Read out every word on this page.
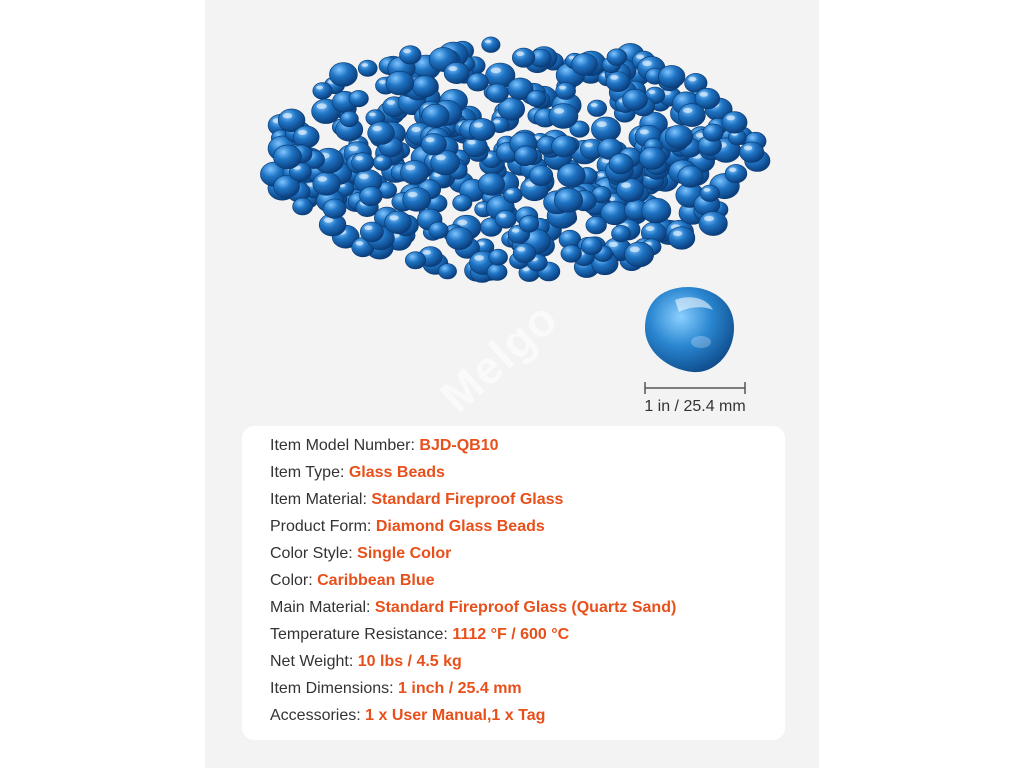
Melgo	1 in / 25.4 mm
Item Model Number: BJD-QB10
Item Type: Glass Beads
Item Material: Standard Fireproof Glass
Product Form: Diamond Glass Beads
Color Style: Single Color
Color: Caribbean Blue
Main Material: Standard Fireproof Glass (Quartz Sand)
Temperature Resistance: 1112 °F / 600 °C
Net Weight: 10 lbs / 4.5 kg
Item Dimensions: 1 inch / 25.4 mm
Accessories: 1 x User Manual,1 x Tag
